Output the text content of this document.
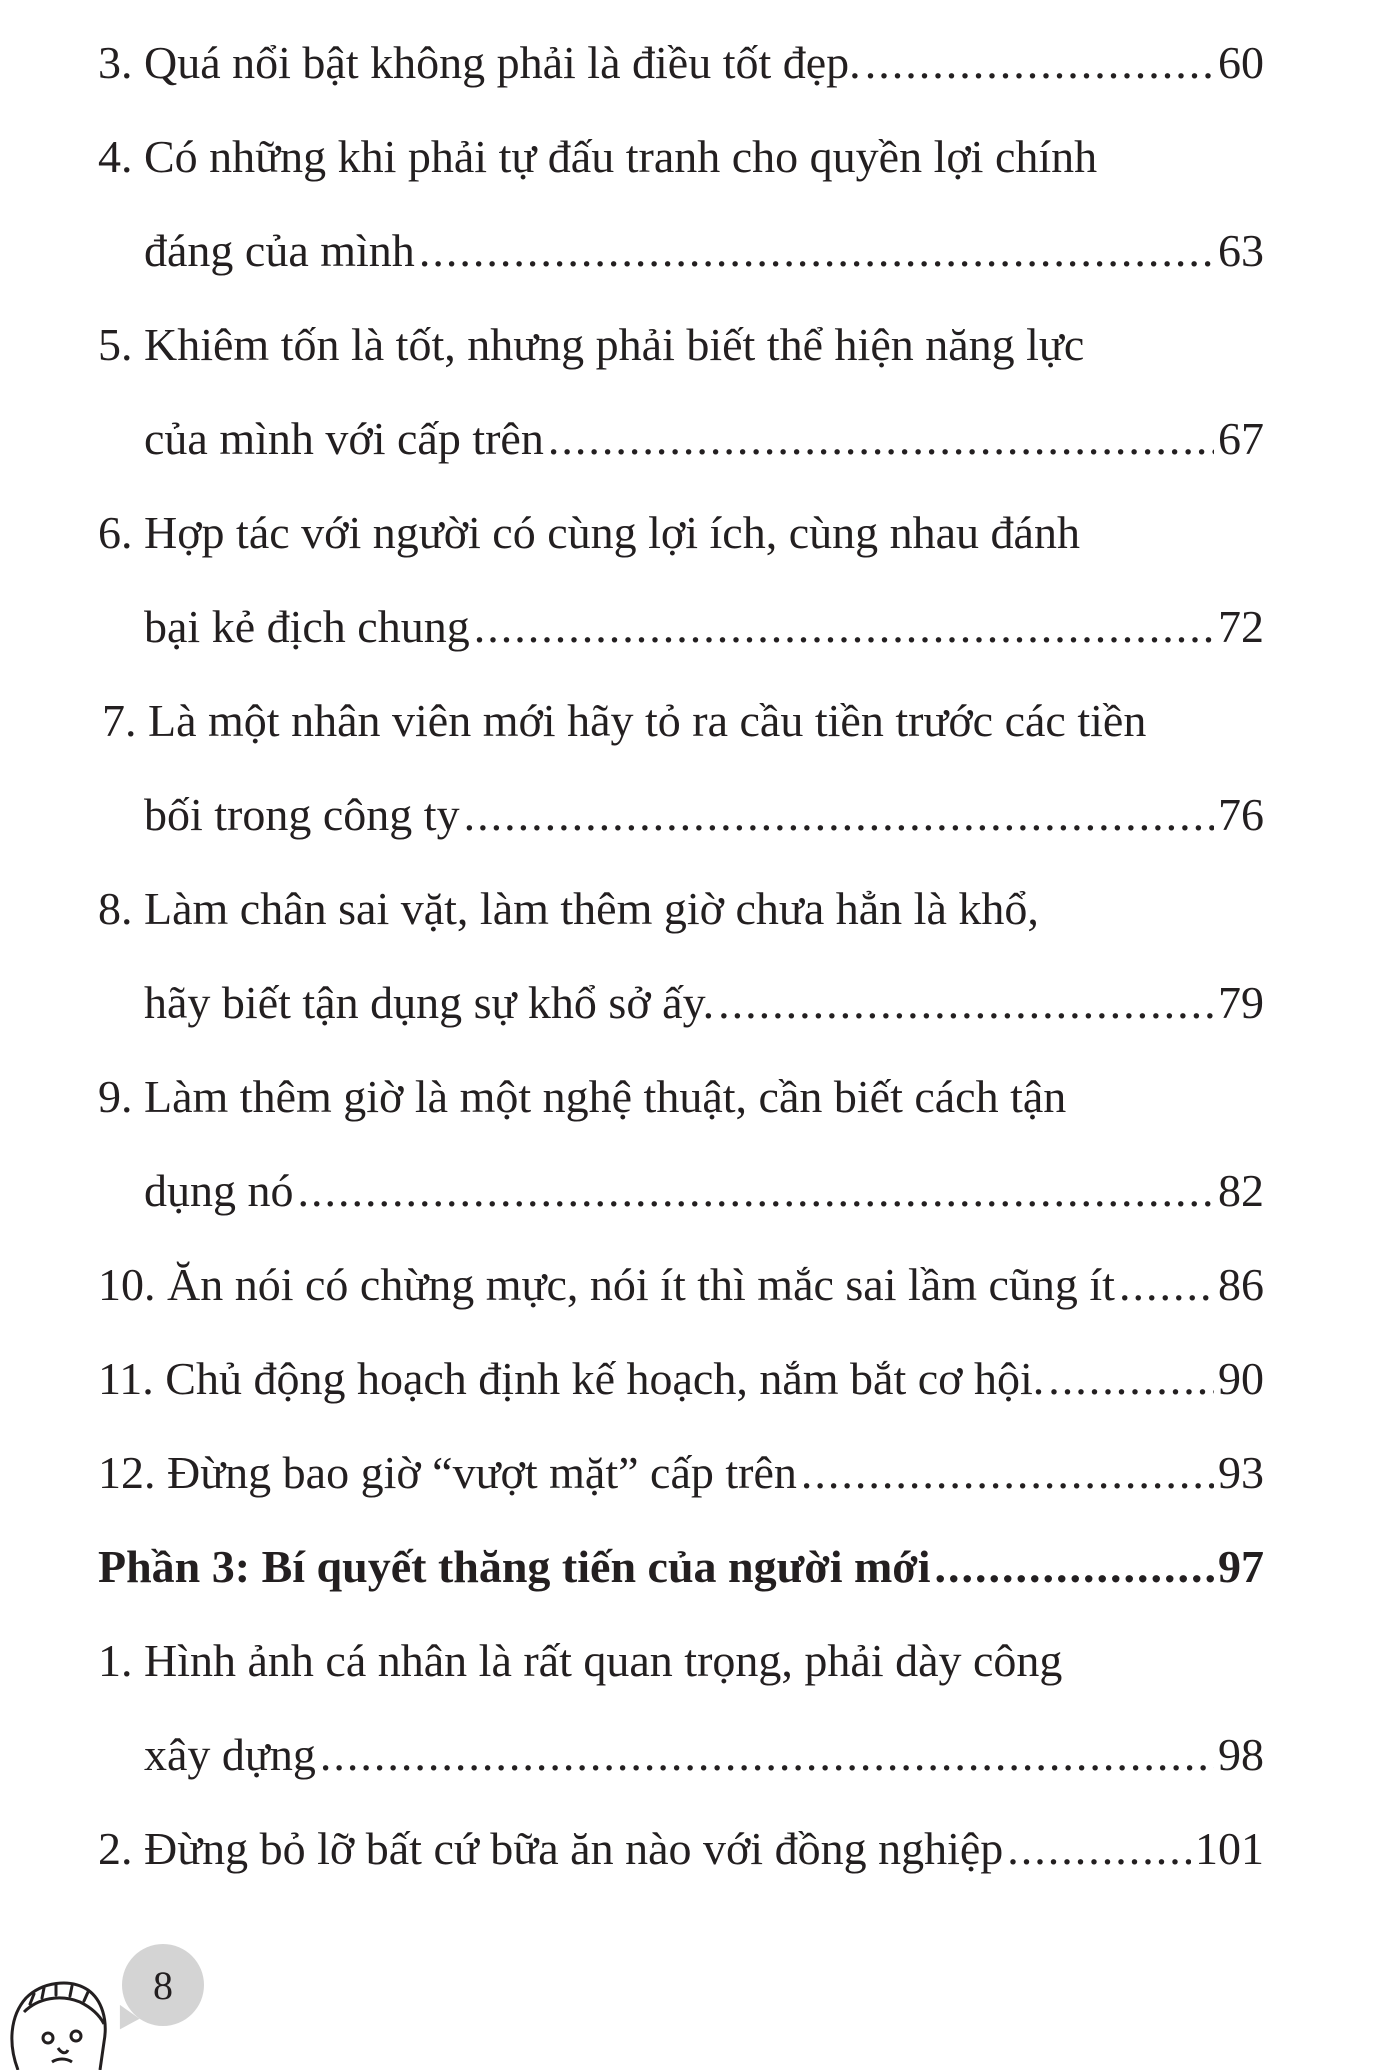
3. Quá nổi bật không phải là điều tốt đẹp. .....	60
4. Có những khi phải tự đấu tranh cho quyền lợi chính
đáng của mình .....	63
5. Khiêm tốn là tốt, nhưng phải biết thể hiện năng lực
của mình với cấp trên .....	67
6. Hợp tác với người có cùng lợi ích, cùng nhau đánh
bại kẻ địch chung .....	72
7. Là một nhân viên mới hãy tỏ ra cầu tiền trước các tiền
bối trong công ty .....	76
8. Làm chân sai vặt, làm thêm giờ chưa hẳn là khổ,
hãy biết tận dụng sự khổ sở ấy. .....	79
9. Làm thêm giờ là một nghệ thuật, cần biết cách tận
dụng nó .....	82
10. Ăn nói có chừng mực, nói ít thì mắc sai lầm cũng ít ..... 86
11. Chủ động hoạch định kế hoạch, nắm bắt cơ hội. .....	90
12. Đừng bao giờ “vượt mặt” cấp trên .....	93
Phần 3: Bí quyết thăng tiến của người mới .....	97
1. Hình ảnh cá nhân là rất quan trọng, phải dày công
xây dựng .....	98
2. Đừng bỏ lỡ bất cứ bữa ăn nào với đồng nghiệp .....	101
8
